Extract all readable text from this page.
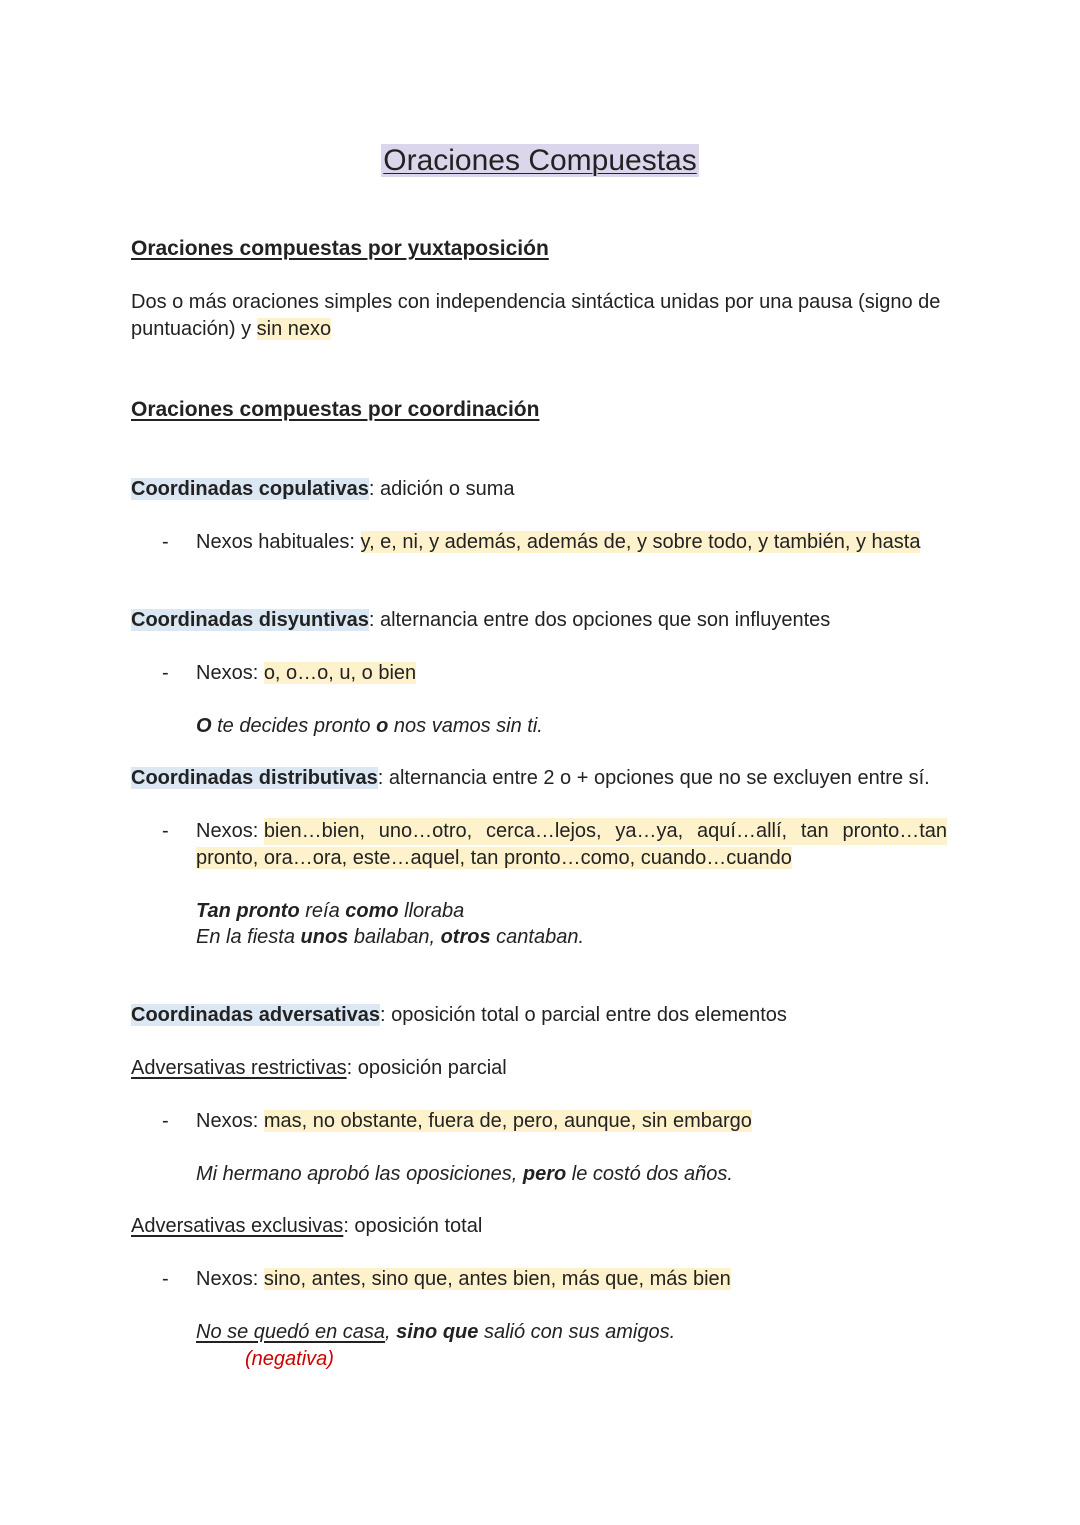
Oraciones Compuestas
Oraciones compuestas por yuxtaposición
Dos o más oraciones simples con independencia sintáctica unidas por una pausa (signo de
puntuación) y sin nexo
Oraciones compuestas por coordinación
Coordinadas copulativas: adición o suma
- Nexos habituales: y, e, ni, y además, además de, y sobre todo, y también, y hasta
Coordinadas disyuntivas: alternancia entre dos opciones que son influyentes
- Nexos: o, o…o, u, o bien
O te decides pronto o nos vamos sin ti.
Coordinadas distributivas: alternancia entre 2 o + opciones que no se excluyen entre sí.
- Nexos: bien…bien, uno…otro, cerca…lejos, ya…ya, aquí…allí, tan pronto…tan
pronto, ora…ora, este…aquel, tan pronto…como, cuando…cuando
Tan pronto reía como lloraba
En la fiesta unos bailaban, otros cantaban.
Coordinadas adversativas: oposición total o parcial entre dos elementos
Adversativas restrictivas: oposición parcial
- Nexos: mas, no obstante, fuera de, pero, aunque, sin embargo
Mi hermano aprobó las oposiciones, pero le costó dos años.
Adversativas exclusivas: oposición total
- Nexos: sino, antes, sino que, antes bien, más que, más bien
No se quedó en casa, sino que salió con sus amigos.
(negativa)
